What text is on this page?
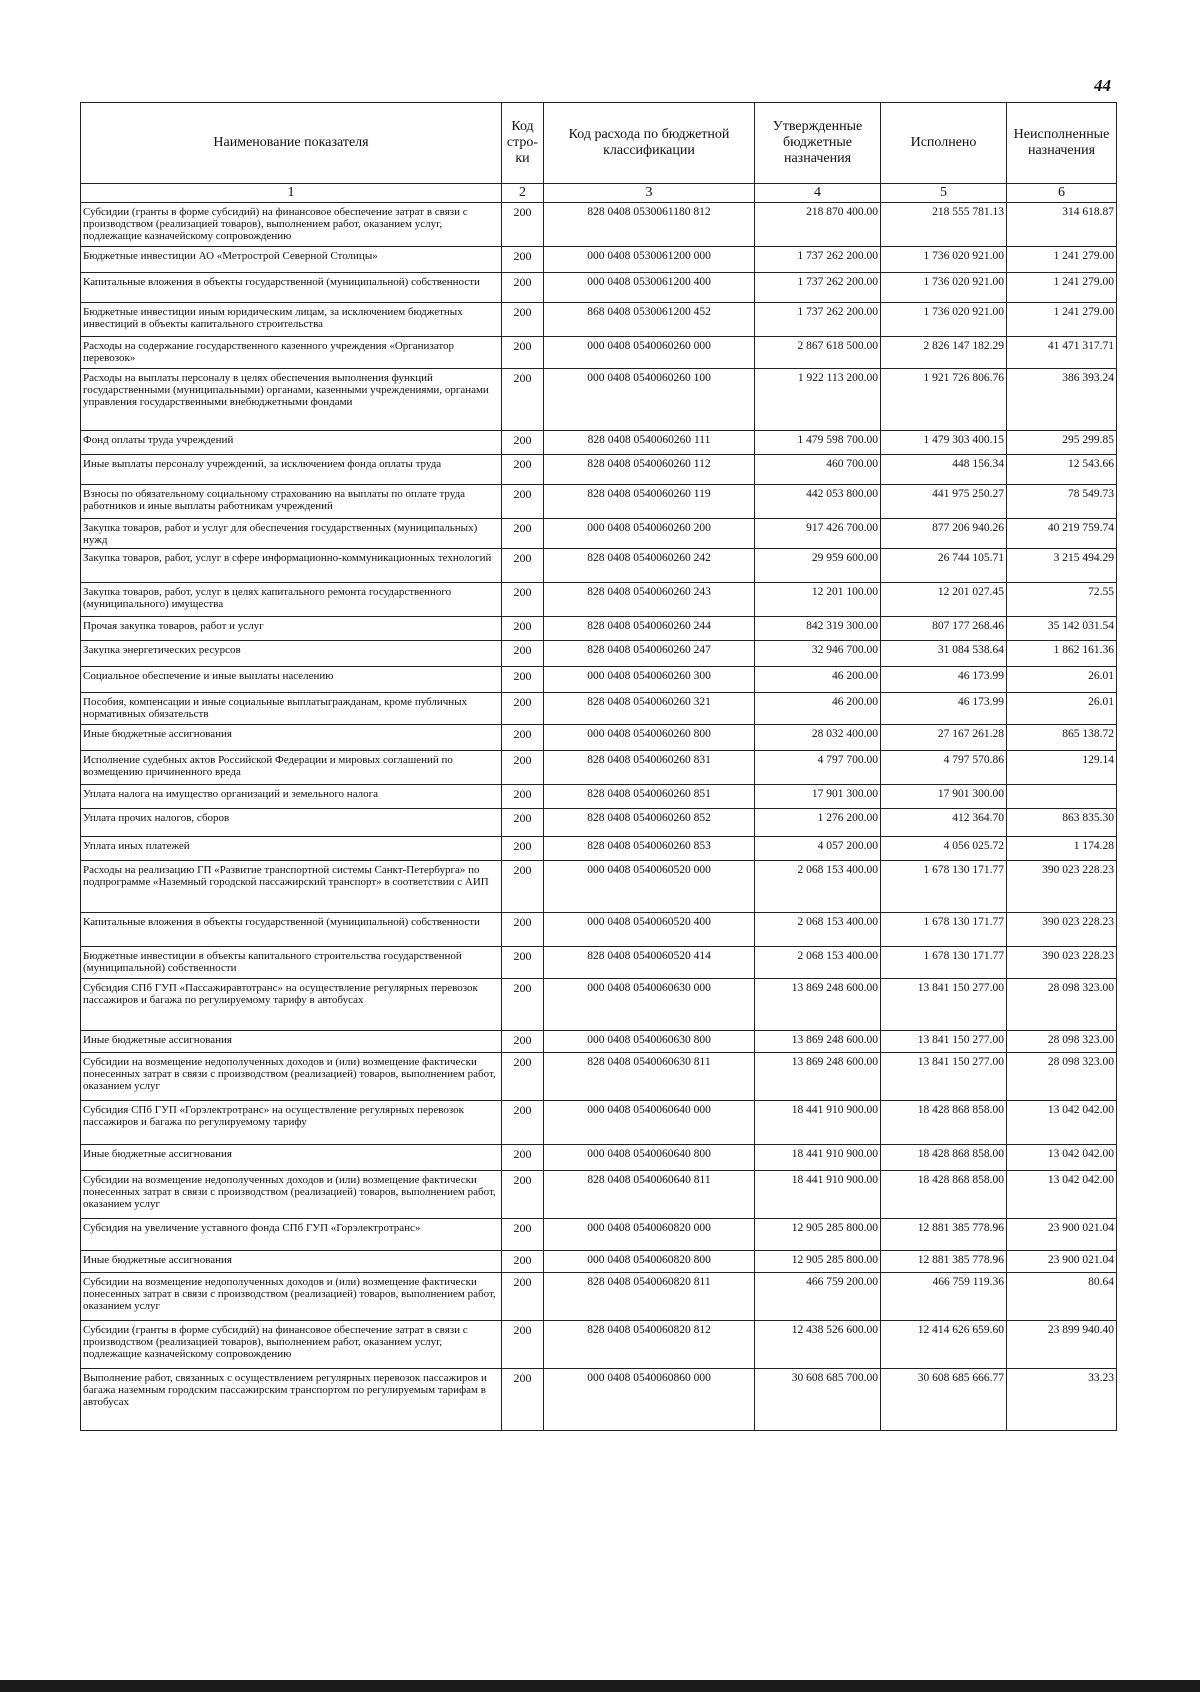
44
Наименование показателя	Код стро-ки	Код расхода по бюджетной классификации	Утвержденные бюджетные назначения	Исполнено	Неисполненные назначения
1	2	3	4	5	6
Субсидии (гранты в форме субсидий) на финансовое обеспечение затрат в связи с производством (реализацией товаров), выполнением работ, оказанием услуг, подлежащие казначейскому сопровождению	200	828 0408 0530061180 812	218 870 400.00	218 555 781.13	314 618.87
Бюджетные инвестиции АО «Метрострой Северной Столицы»	200	000 0408 0530061200 000	1 737 262 200.00	1 736 020 921.00	1 241 279.00
Капитальные вложения в объекты государственной (муниципальной) собственности	200	000 0408 0530061200 400	1 737 262 200.00	1 736 020 921.00	1 241 279.00
Бюджетные инвестиции иным юридическим лицам, за исключением бюджетных инвестиций в объекты капитального строительства	200	868 0408 0530061200 452	1 737 262 200.00	1 736 020 921.00	1 241 279.00
Расходы на содержание государственного казенного учреждения «Организатор перевозок»	200	000 0408 0540060260 000	2 867 618 500.00	2 826 147 182.29	41 471 317.71
Расходы на выплаты персоналу в целях обеспечения выполнения функций государственными (муниципальными) органами, казенными учреждениями, органами управления государственными внебюджетными фондами	200	000 0408 0540060260 100	1 922 113 200.00	1 921 726 806.76	386 393.24
Фонд оплаты труда учреждений	200	828 0408 0540060260 111	1 479 598 700.00	1 479 303 400.15	295 299.85
Иные выплаты персоналу учреждений, за исключением фонда оплаты труда	200	828 0408 0540060260 112	460 700.00	448 156.34	12 543.66
Взносы по обязательному социальному страхованию на выплаты по оплате труда работников и иные выплаты работникам учреждений	200	828 0408 0540060260 119	442 053 800.00	441 975 250.27	78 549.73
Закупка товаров, работ и услуг для обеспечения государственных (муниципальных) нужд	200	000 0408 0540060260 200	917 426 700.00	877 206 940.26	40 219 759.74
Закупка товаров, работ, услуг в сфере информационно-коммуникационных технологий	200	828 0408 0540060260 242	29 959 600.00	26 744 105.71	3 215 494.29
Закупка товаров, работ, услуг в целях капитального ремонта государственного (муниципального) имущества	200	828 0408 0540060260 243	12 201 100.00	12 201 027.45	72.55
Прочая закупка товаров, работ и услуг	200	828 0408 0540060260 244	842 319 300.00	807 177 268.46	35 142 031.54
Закупка энергетических ресурсов	200	828 0408 0540060260 247	32 946 700.00	31 084 538.64	1 862 161.36
Социальное обеспечение и иные выплаты населению	200	000 0408 0540060260 300	46 200.00	46 173.99	26.01
Пособия, компенсации и иные социальные выплатыгражданам, кроме публичных нормативных обязательств	200	828 0408 0540060260 321	46 200.00	46 173.99	26.01
Иные бюджетные ассигнования	200	000 0408 0540060260 800	28 032 400.00	27 167 261.28	865 138.72
Исполнение судебных актов Российской Федерации и мировых соглашений по возмещению причиненного вреда	200	828 0408 0540060260 831	4 797 700.00	4 797 570.86	129.14
Уплата налога на имущество организаций и земельного налога	200	828 0408 0540060260 851	17 901 300.00	17 901 300.00	
Уплата прочих налогов, сборов	200	828 0408 0540060260 852	1 276 200.00	412 364.70	863 835.30
Уплата иных платежей	200	828 0408 0540060260 853	4 057 200.00	4 056 025.72	1 174.28
Расходы на реализацию ГП «Развитие транспортной системы Санкт-Петербурга» по подпрограмме «Наземный городской пассажирский транспорт» в соответствии с АИП	200	000 0408 0540060520 000	2 068 153 400.00	1 678 130 171.77	390 023 228.23
Капитальные вложения в объекты государственной (муниципальной) собственности	200	000 0408 0540060520 400	2 068 153 400.00	1 678 130 171.77	390 023 228.23
Бюджетные инвестиции в объекты капитального строительства государственной (муниципальной) собственности	200	828 0408 0540060520 414	2 068 153 400.00	1 678 130 171.77	390 023 228.23
Субсидия СПб ГУП «Пассажиравтотранс» на осуществление регулярных перевозок пассажиров и багажа по регулируемому тарифу в автобусах	200	000 0408 0540060630 000	13 869 248 600.00	13 841 150 277.00	28 098 323.00
Иные бюджетные ассигнования	200	000 0408 0540060630 800	13 869 248 600.00	13 841 150 277.00	28 098 323.00
Субсидии на возмещение недополученных доходов и (или) возмещение фактически понесенных затрат в связи с производством (реализацией) товаров, выполнением работ, оказанием услуг	200	828 0408 0540060630 811	13 869 248 600.00	13 841 150 277.00	28 098 323.00
Субсидия СПб ГУП «Горэлектротранс» на осуществление регулярных перевозок пассажиров и багажа по регулируемому тарифу	200	000 0408 0540060640 000	18 441 910 900.00	18 428 868 858.00	13 042 042.00
Иные бюджетные ассигнования	200	000 0408 0540060640 800	18 441 910 900.00	18 428 868 858.00	13 042 042.00
Субсидии на возмещение недополученных доходов и (или) возмещение фактически понесенных затрат в связи с производством (реализацией) товаров, выполнением работ, оказанием услуг	200	828 0408 0540060640 811	18 441 910 900.00	18 428 868 858.00	13 042 042.00
Субсидия на увеличение уставного фонда СПб ГУП «Горэлектротранс»	200	000 0408 0540060820 000	12 905 285 800.00	12 881 385 778.96	23 900 021.04
Иные бюджетные ассигнования	200	000 0408 0540060820 800	12 905 285 800.00	12 881 385 778.96	23 900 021.04
Субсидии на возмещение недополученных доходов и (или) возмещение фактически понесенных затрат в связи с производством (реализацией) товаров, выполнением работ, оказанием услуг	200	828 0408 0540060820 811	466 759 200.00	466 759 119.36	80.64
Субсидии (гранты в форме субсидий) на финансовое обеспечение затрат в связи с производством (реализацией товаров), выполнением работ, оказанием услуг, подлежащие казначейскому сопровождению	200	828 0408 0540060820 812	12 438 526 600.00	12 414 626 659.60	23 899 940.40
Выполнение работ, связанных с осуществлением регулярных перевозок пассажиров и багажа наземным городским пассажирским транспортом по регулируемым тарифам в автобусах	200	000 0408 0540060860 000	30 608 685 700.00	30 608 685 666.77	33.23
